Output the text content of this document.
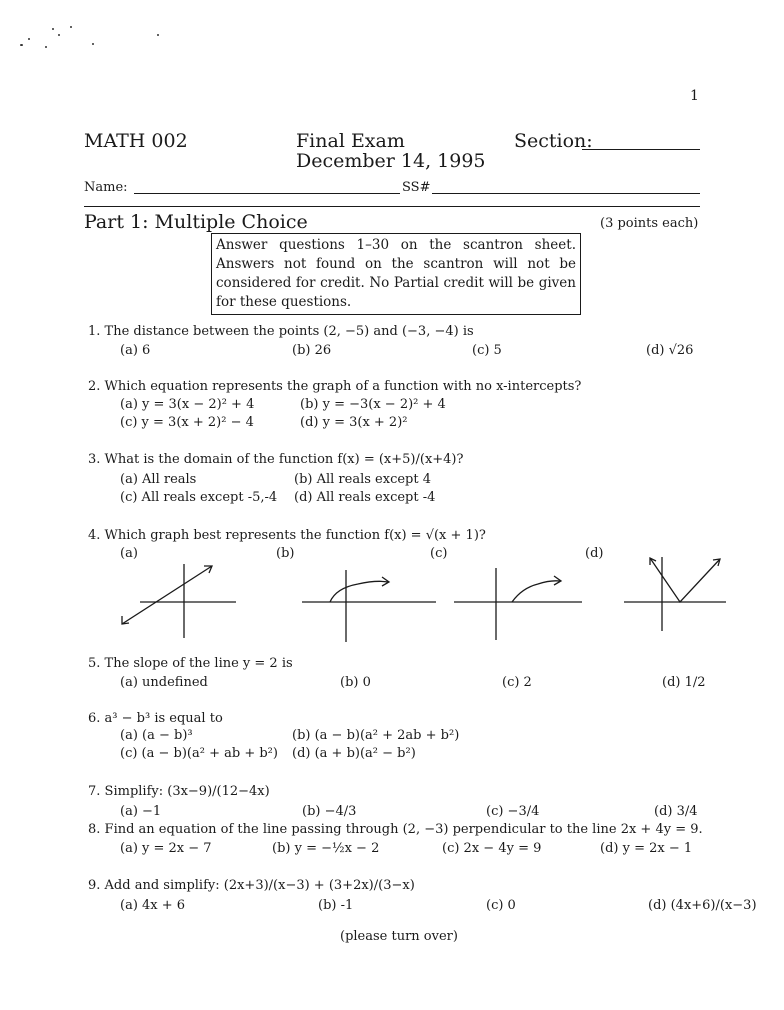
1
MATH 002	Final Exam
December 14, 1995
Section:
Name:	SS#
Part 1: Multiple Choice	(3 points each)
Answer questions 1–30 on the scantron sheet. Answers not found on the scantron will not be considered for credit. No Partial credit will be given for these questions.
1. The distance between the points (2, −5) and (−3, −4) is
(a) 6	(b) 26	(c) 5	(d) √26
2. Which equation represents the graph of a function with no x-intercepts?
(a) y = 3(x − 2)² + 4	(b) y = −3(x − 2)² + 4
(c) y = 3(x + 2)² − 4	(d) y = 3(x + 2)²
3. What is the domain of the function f(x) = (x+5)/(x+4)?
(a) All reals	(b) All reals except 4
(c) All reals except -5,-4 (d) All reals except -4
4. Which graph best represents the function f(x) = √(x + 1)?
(a)	(b)	(c)	(d)
5. The slope of the line y = 2 is
(a) undefined	(b) 0	(c) 2	(d) 1/2
6. a³ − b³ is equal to
(a) (a − b)³	(b) (a − b)(a² + 2ab + b²)
(c) (a − b)(a² + ab + b²) (d) (a + b)(a² − b²)
7. Simplify: (3x−9)/(12−4x)
(a) −1	(b) −4/3	(c) −3/4	(d) 3/4
8. Find an equation of the line passing through (2, −3) perpendicular to the line 2x + 4y = 9.
(a) y = 2x − 7	(b) y = −½x − 2	(c) 2x − 4y = 9	(d) y = 2x − 1
9. Add and simplify: (2x+3)/(x−3) + (3+2x)/(3−x)
(a) 4x + 6	(b) -1	(c) 0	(d) (4x+6)/(x−3)
(please turn over)
